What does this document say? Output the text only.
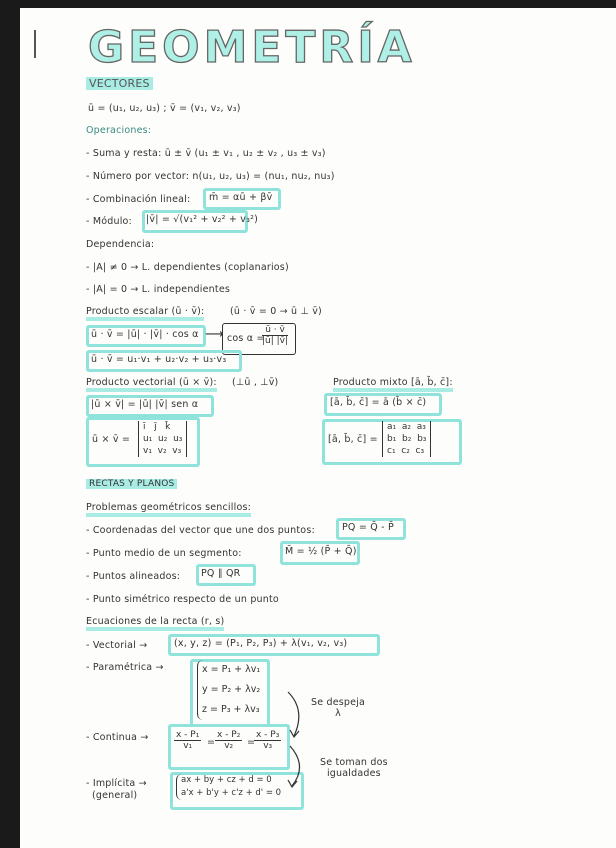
GEOMETRÍA
VECTORES
ū = (u₁, u₂, u₃) ; v̄ = (v₁, v₂, v₃)
Operaciones:
- Suma y resta: ū ± v̄ (u₁ ± v₁ , u₂ ± v₂ , u₃ ± v₃)
- Número por vector: n(u₁, u₂, u₃) = (nu₁, nu₂, nu₃)
- Combinación lineal: m̄ = αū + βv̄
- Módulo: |v̄| = √(v₁² + v₂² + v₃²)
Dependencia:
- |A| ≠ 0 → L. dependientes (coplanarios)
- |A| = 0 → L. independientes
Producto escalar (ū · v̄):	(ū · v̄ = 0 → ū ⊥ v̄)
ū · v̄ = |ū| · |v̄| · cos α ⟶ cos α =
$\frac{ū \cdot v̄}{|ū| |v̄|}$
ū · v̄ = u₁·v₁ + u₂·v₂ + u₃·v₃
Producto vectorial (ū × v̄): (⊥ū , ⊥v̄)
|ū × v̄| = |ū| |v̄| sen α
ū × v̄ =
ī   j̄   k̄
u₁  u₂  u₃
v₁  v₂  v₃
Producto mixto [ā, b̄, c̄]:
[ā, b̄, c̄] = ā (b̄ × c̄)
[ā, b̄, c̄] =
a₁  a₂  a₃
b₁  b₂  b₃
c₁  c₂  c₃
RECTAS Y PLANOS
Problemas geométricos sencillos:
- Coordenadas del vector que une dos puntos:	PQ = Q̄ - P̄
- Punto medio de un segmento:	M̄ = ½ (P̄ + Q̄)
- Puntos alineados: PQ ∥ QR
- Punto simétrico respecto de un punto
Ecuaciones de la recta (r, s)
- Vectorial →	(x, y, z) = (P₁, P₂, P₃) + λ(v₁, v₂, v₃)
- Paramétrica →	x = P₁ + λv₁
y = P₂ + λv₂
z = P₃ + λv₃
Se despeja
λ
- Continua →	$\frac{\text{x - P₁}}{\text{v₁}} = \frac{\text{x - P₂}}{\text{v₂}}$ =
$\frac{\text{x - P₃}}{\text{v₃}}$
Se toman dos
igualdades
- Implícita →
(general)
ax + by + cz + d = 0
a'x + b'y + c'z + d' = 0
